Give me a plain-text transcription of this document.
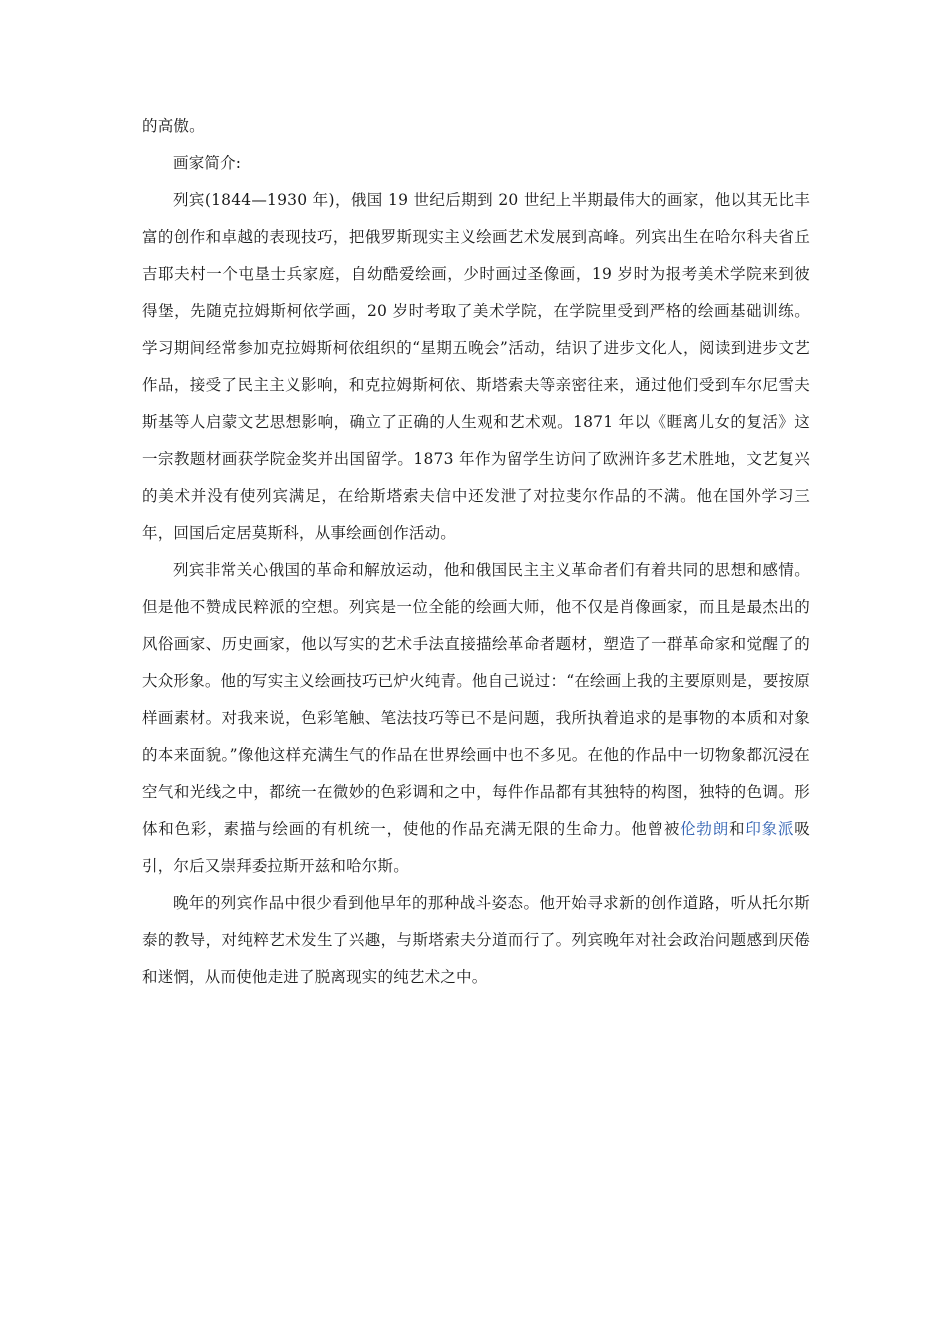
的高傲。

画家简介:

列宾(1844—1930 年)，俄国 19 世纪后期到 20 世纪上半期最伟大的画家，他以其无比丰富的创作和卓越的表现技巧，把俄罗斯现实主义绘画艺术发展到高峰。列宾出生在哈尔科夫省丘吉耶夫村一个屯垦士兵家庭，自幼酷爱绘画，少时画过圣像画，19 岁时为报考美术学院来到彼得堡，先随克拉姆斯柯依学画，20 岁时考取了美术学院，在学院里受到严格的绘画基础训练。学习期间经常参加克拉姆斯柯依组织的“星期五晚会”活动，结识了进步文化人，阅读到进步文艺作品，接受了民主主义影响，和克拉姆斯柯依、斯塔索夫等亲密往来，通过他们受到车尔尼雪夫斯基等人启蒙文艺思想影响，确立了正确的人生观和艺术观。1871 年以《睚离儿女的复活》这一宗教题材画获学院金奖并出国留学。1873 年作为留学生访问了欧洲许多艺术胜地，文艺复兴的美术并没有使列宾满足，在给斯塔索夫信中还发泄了对拉斐尔作品的不满。他在国外学习三年，回国后定居莫斯科，从事绘画创作活动。

列宾非常关心俄国的革命和解放运动，他和俄国民主主义革命者们有着共同的思想和感情。但是他不赞成民粹派的空想。列宾是一位全能的绘画大师，他不仅是肖像画家，而且是最杰出的风俗画家、历史画家，他以写实的艺术手法直接描绘革命者题材，塑造了一群革命家和觉醒了的大众形象。他的写实主义绘画技巧已炉火纯青。他自己说过：“在绘画上我的主要原则是，要按原样画素材。对我来说，色彩笔触、笔法技巧等已不是问题，我所执着追求的是事物的本质和对象的本来面貌。”像他这样充满生气的作品在世界绘画中也不多见。在他的作品中一切物象都沉浸在空气和光线之中，都统一在微妙的色彩调和之中，每件作品都有其独特的构图，独特的色调。形体和色彩，素描与绘画的有机统一，使他的作品充满无限的生命力。他曾被伦勃朗和印象派吸引，尔后又崇拜委拉斯开兹和哈尔斯。

晚年的列宾作品中很少看到他早年的那种战斗姿态。他开始寻求新的创作道路，听从托尔斯泰的教导，对纯粹艺术发生了兴趣，与斯塔索夫分道而行了。列宾晚年对社会政治问题感到厌倦和迷惘，从而使他走进了脱离现实的纯艺术之中。
